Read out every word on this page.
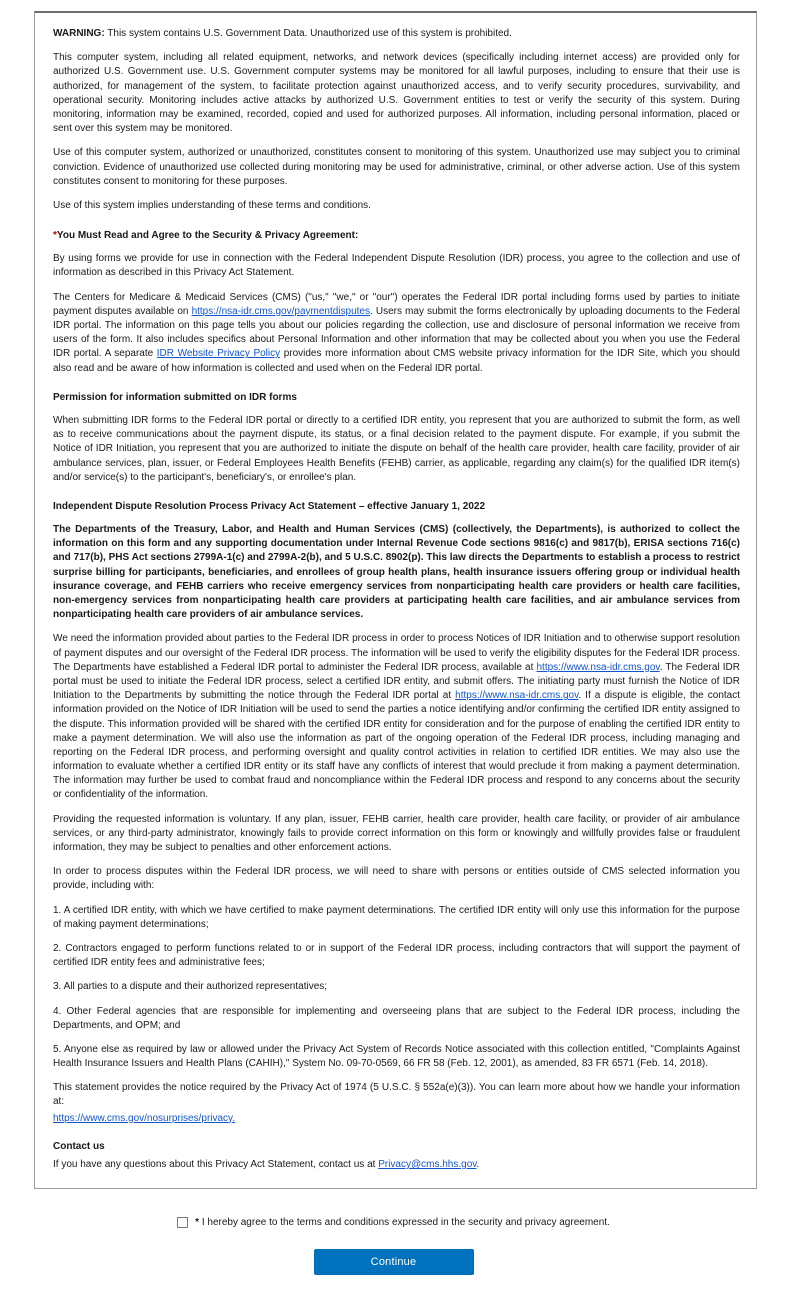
WARNING: This system contains U.S. Government Data. Unauthorized use of this system is prohibited.

This computer system, including all related equipment, networks, and network devices (specifically including internet access) are provided only for authorized U.S. Government use. U.S. Government computer systems may be monitored for all lawful purposes, including to ensure that their use is authorized, for management of the system, to facilitate protection against unauthorized access, and to verify security procedures, survivability, and operational security. Monitoring includes active attacks by authorized U.S. Government entities to test or verify the security of this system. During monitoring, information may be examined, recorded, copied and used for authorized purposes. All information, including personal information, placed or sent over this system may be monitored.

Use of this computer system, authorized or unauthorized, constitutes consent to monitoring of this system. Unauthorized use may subject you to criminal conviction. Evidence of unauthorized use collected during monitoring may be used for administrative, criminal, or other adverse action. Use of this system constitutes consent to monitoring for these purposes.

Use of this system implies understanding of these terms and conditions.

*You Must Read and Agree to the Security & Privacy Agreement:

By using forms we provide for use in connection with the Federal Independent Dispute Resolution (IDR) process, you agree to the collection and use of information as described in this Privacy Act Statement.

The Centers for Medicare & Medicaid Services (CMS) ("us," "we," or "our") operates the Federal IDR portal including forms used by parties to initiate payment disputes available on https://nsa-idr.cms.gov/paymentdisputes. Users may submit the forms electronically by uploading documents to the Federal IDR portal. The information on this page tells you about our policies regarding the collection, use and disclosure of personal information we receive from users of the form. It also includes specifics about Personal Information and other information that may be collected about you when you use the Federal IDR portal. A separate IDR Website Privacy Policy provides more information about CMS website privacy information for the IDR Site, which you should also read and be aware of how information is collected and used when on the Federal IDR portal.

Permission for information submitted on IDR forms

When submitting IDR forms to the Federal IDR portal or directly to a certified IDR entity, you represent that you are authorized to submit the form, as well as to receive communications about the payment dispute, its status, or a final decision related to the payment dispute. For example, if you submit the Notice of IDR Initiation, you represent that you are authorized to initiate the dispute on behalf of the health care provider, health care facility, provider of air ambulance services, plan, issuer, or Federal Employees Health Benefits (FEHB) carrier, as applicable, regarding any claim(s) for the qualified IDR item(s) and/or service(s) to the participant's, beneficiary's, or enrollee's plan.

Independent Dispute Resolution Process Privacy Act Statement – effective January 1, 2022

The Departments of the Treasury, Labor, and Health and Human Services (CMS) (collectively, the Departments), is authorized to collect the information on this form and any supporting documentation under Internal Revenue Code sections 9816(c) and 9817(b), ERISA sections 716(c) and 717(b), PHS Act sections 2799A-1(c) and 2799A-2(b), and 5 U.S.C. 8902(p). This law directs the Departments to establish a process to restrict surprise billing for participants, beneficiaries, and enrollees of group health plans, health insurance issuers offering group or individual health insurance coverage, and FEHB carriers who receive emergency services from nonparticipating health care providers or health care facilities, non-emergency services from nonparticipating health care providers at participating health care facilities, and air ambulance services from nonparticipating health care providers of air ambulance services.

We need the information provided about parties to the Federal IDR process in order to process Notices of IDR Initiation and to otherwise support resolution of payment disputes and our oversight of the Federal IDR process. The information will be used to verify the eligibility disputes for the Federal IDR process. The Departments have established a Federal IDR portal to administer the Federal IDR process, available at https://www.nsa-idr.cms.gov. The Federal IDR portal must be used to initiate the Federal IDR process, select a certified IDR entity, and submit offers. The initiating party must furnish the Notice of IDR Initiation to the Departments by submitting the notice through the Federal IDR portal at https://www.nsa-idr.cms.gov. If a dispute is eligible, the contact information provided on the Notice of IDR Initiation will be used to send the parties a notice identifying and/or confirming the certified IDR entity assigned to the dispute. This information provided will be shared with the certified IDR entity for consideration and for the purpose of enabling the certified IDR entity to make a payment determination. We will also use the information as part of the ongoing operation of the Federal IDR process, including managing and reporting on the Federal IDR process, and performing oversight and quality control activities in relation to certified IDR entities. We may also use the information to evaluate whether a certified IDR entity or its staff have any conflicts of interest that would preclude it from making a payment determination. The information may further be used to combat fraud and noncompliance within the Federal IDR process and respond to any concerns about the security or confidentiality of the information.

Providing the requested information is voluntary. If any plan, issuer, FEHB carrier, health care provider, health care facility, or provider of air ambulance services, or any third-party administrator, knowingly fails to provide correct information on this form or knowingly and willfully provides false or fraudulent information, they may be subject to penalties and other enforcement actions.

In order to process disputes within the Federal IDR process, we will need to share with persons or entities outside of CMS selected information you provide, including with:

1. A certified IDR entity, with which we have certified to make payment determinations. The certified IDR entity will only use this information for the purpose of making payment determinations;

2. Contractors engaged to perform functions related to or in support of the Federal IDR process, including contractors that will support the payment of certified IDR entity fees and administrative fees;

3. All parties to a dispute and their authorized representatives;

4. Other Federal agencies that are responsible for implementing and overseeing plans that are subject to the Federal IDR process, including the Departments, and OPM; and

5. Anyone else as required by law or allowed under the Privacy Act System of Records Notice associated with this collection entitled, "Complaints Against Health Insurance Issuers and Health Plans (CAHIH)," System No. 09-70-0569, 66 FR 58 (Feb. 12, 2001), as amended, 83 FR 6571 (Feb. 14, 2018).

This statement provides the notice required by the Privacy Act of 1974 (5 U.S.C. § 552a(e)(3)). You can learn more about how we handle your information at:

https://www.cms.gov/nosurprises/privacy.

Contact us

If you have any questions about this Privacy Act Statement, contact us at Privacy@cms.hhs.gov.

* I hereby agree to the terms and conditions expressed in the security and privacy agreement.
Continue
